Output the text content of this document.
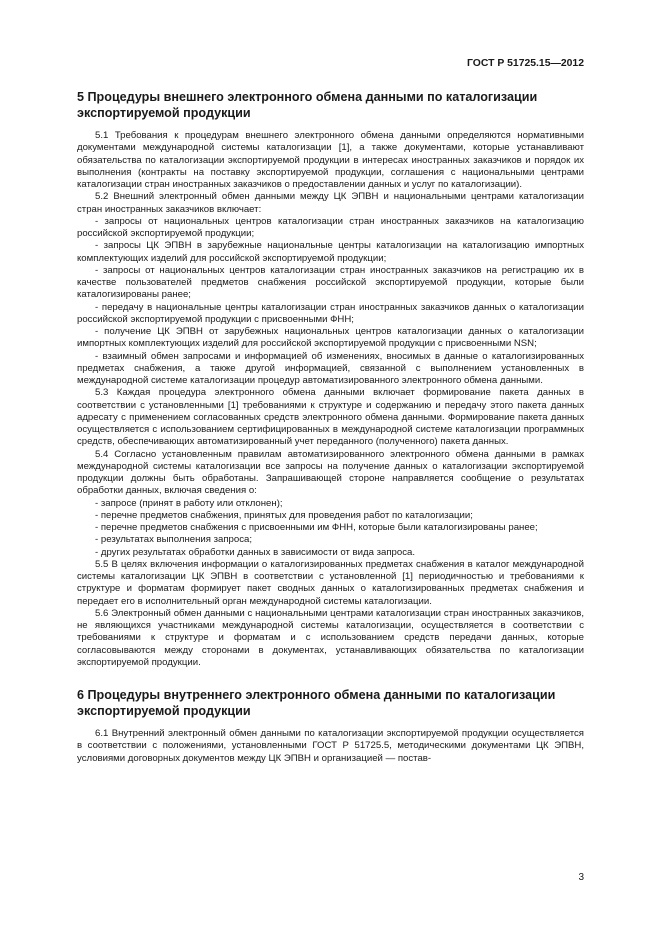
ГОСТ Р 51725.15—2012
5 Процедуры внешнего электронного обмена данными по каталогизации экспортируемой продукции

5.1 Требования к процедурам внешнего электронного обмена данными определяются нормативными документами международной системы каталогизации [1], а также документами, которые устанавливают обязательства по каталогизации экспортируемой продукции в интересах иностранных заказчиков и порядок их выполнения (контракты на поставку экспортируемой продукции, соглашения с национальными центрами каталогизации стран иностранных заказчиков о предоставлении данных и услуг по каталогизации).

5.2 Внешний электронный обмен данными между ЦК ЭПВН и национальными центрами каталогизации стран иностранных заказчиков включает:

- запросы от национальных центров каталогизации стран иностранных заказчиков на каталогизацию российской экспортируемой продукции;

- запросы ЦК ЭПВН в зарубежные национальные центры каталогизации на каталогизацию импортных комплектующих изделий для российской экспортируемой продукции;

- запросы от национальных центров каталогизации стран иностранных заказчиков на регистрацию их в качестве пользователей предметов снабжения российской экспортируемой продукции, которые были каталогизированы ранее;

- передачу в национальные центры каталогизации стран иностранных заказчиков данных о каталогизации российской экспортируемой продукции с присвоенными ФНН;

- получение ЦК ЭПВН от зарубежных национальных центров каталогизации данных о каталогизации импортных комплектующих изделий для российской экспортируемой продукции с присвоенными NSN;

- взаимный обмен запросами и информацией об изменениях, вносимых в данные о каталогизированных предметах снабжения, а также другой информацией, связанной с выполнением установленных в международной системе каталогизации процедур автоматизированного электронного обмена данными.

5.3 Каждая процедура электронного обмена данными включает формирование пакета данных в соответствии с установленными [1] требованиями к структуре и содержанию и передачу этого пакета данных адресату с применением согласованных средств электронного обмена данными. Формирование пакета данных осуществляется с использованием сертифицированных в международной системе каталогизации программных средств, обеспечивающих автоматизированный учет переданного (полученного) пакета данных.

5.4 Согласно установленным правилам автоматизированного электронного обмена данными в рамках международной системы каталогизации все запросы на получение данных о каталогизации экспортируемой продукции должны быть обработаны. Запрашивающей стороне направляется сообщение о результатах обработки данных, включая сведения о:

- запросе (принят в работу или отклонен);

- перечне предметов снабжения, принятых для проведения работ по каталогизации;

- перечне предметов снабжения с присвоенными им ФНН, которые были каталогизированы ранее;

- результатах выполнения запроса;

- других результатах обработки данных в зависимости от вида запроса.

5.5 В целях включения информации о каталогизированных предметах снабжения в каталог международной системы каталогизации ЦК ЭПВН в соответствии с установленной [1] периодичностью и требованиями к структуре и форматам формирует пакет сводных данных о каталогизированных предметах снабжения и передает его в исполнительный орган международной системы каталогизации.

5.6 Электронный обмен данными с национальными центрами каталогизации стран иностранных заказчиков, не являющихся участниками международной системы каталогизации, осуществляется в соответствии с требованиями к структуре и форматам и с использованием средств передачи данных, которые согласовываются между сторонами в документах, устанавливающих обязательства по каталогизации экспортируемой продукции.

6 Процедуры внутреннего электронного обмена данными по каталогизации экспортируемой продукции

6.1 Внутренний электронный обмен данными по каталогизации экспортируемой продукции осуществляется в соответствии с положениями, установленными ГОСТ Р 51725.5, методическими документами ЦК ЭПВН, условиями договорных документов между ЦК ЭПВН и организацией — постав-

3
